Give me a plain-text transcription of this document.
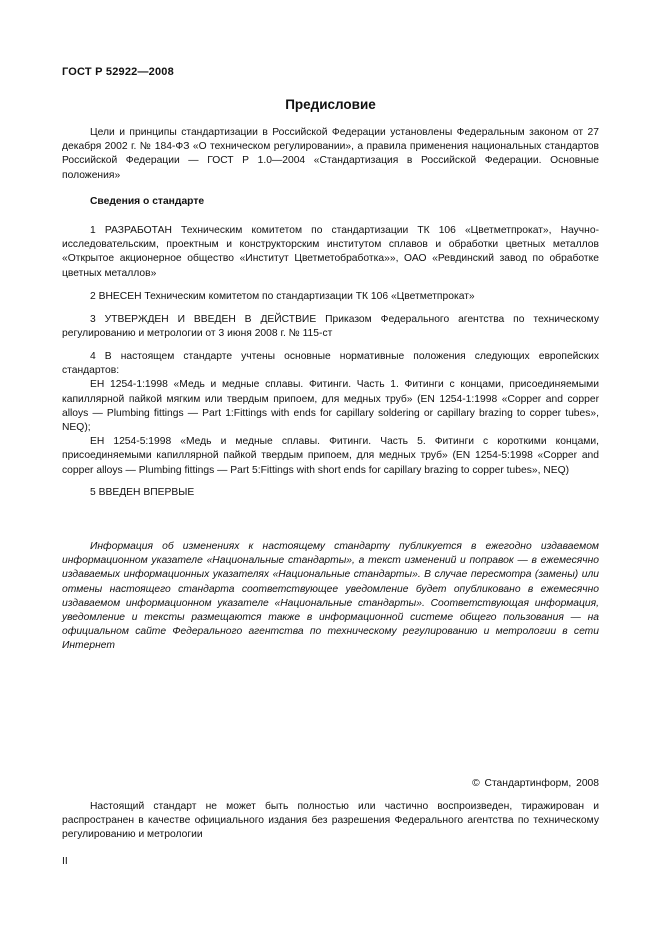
ГОСТ Р 52922—2008

Предисловие

Цели и принципы стандартизации в Российской Федерации установлены Федеральным законом от 27 декабря 2002 г. № 184-ФЗ «О техническом регулировании», а правила применения национальных стандартов Российской Федерации — ГОСТ Р 1.0—2004 «Стандартизация в Российской Федерации. Основные положения»

Сведения о стандарте

1 РАЗРАБОТАН Техническим комитетом по стандартизации ТК 106 «Цветметпрокат», Научно-исследовательским, проектным и конструкторским институтом сплавов и обработки цветных металлов «Открытое акционерное общество «Институт Цветметобработка»», ОАО «Ревдинский завод по обработке цветных металлов»

2 ВНЕСЕН Техническим комитетом по стандартизации ТК 106 «Цветметпрокат»

3 УТВЕРЖДЕН И ВВЕДЕН В ДЕЙСТВИЕ Приказом Федерального агентства по техническому регулированию и метрологии от 3 июня 2008 г. № 115-ст

4 В настоящем стандарте учтены основные нормативные положения следующих европейских стандартов:

ЕН 1254-1:1998 «Медь и медные сплавы. Фитинги. Часть 1. Фитинги с концами, присоединяемыми капиллярной пайкой мягким или твердым припоем, для медных труб» (EN 1254-1:1998 «Copper and copper alloys — Plumbing fittings — Part 1:Fittings with ends for capillary soldering or capillary brazing to copper tubes», NEQ);

ЕН 1254-5:1998 «Медь и медные сплавы. Фитинги. Часть 5. Фитинги с короткими концами, присоединяемыми капиллярной пайкой твердым припоем, для медных труб» (EN 1254-5:1998 «Copper and copper alloys — Plumbing fittings — Part 5:Fittings with short ends for capillary brazing to copper tubes», NEQ)

5 ВВЕДЕН ВПЕРВЫЕ

Информация об изменениях к настоящему стандарту публикуется в ежегодно издаваемом информационном указателе «Национальные стандарты», а текст изменений и поправок — в ежемесячно издаваемых информационных указателях «Национальные стандарты». В случае пересмотра (замены) или отмены настоящего стандарта соответствующее уведомление будет опубликовано в ежемесячно издаваемом информационном указателе «Национальные стандарты». Соответствующая информация, уведомление и тексты размещаются также в информационной системе общего пользования — на официальном сайте Федерального агентства по техническому регулированию и метрологии в сети Интернет

© Стандартинформ, 2008

Настоящий стандарт не может быть полностью или частично воспроизведен, тиражирован и распространен в качестве официального издания без разрешения Федерального агентства по техническому регулированию и метрологии

II
